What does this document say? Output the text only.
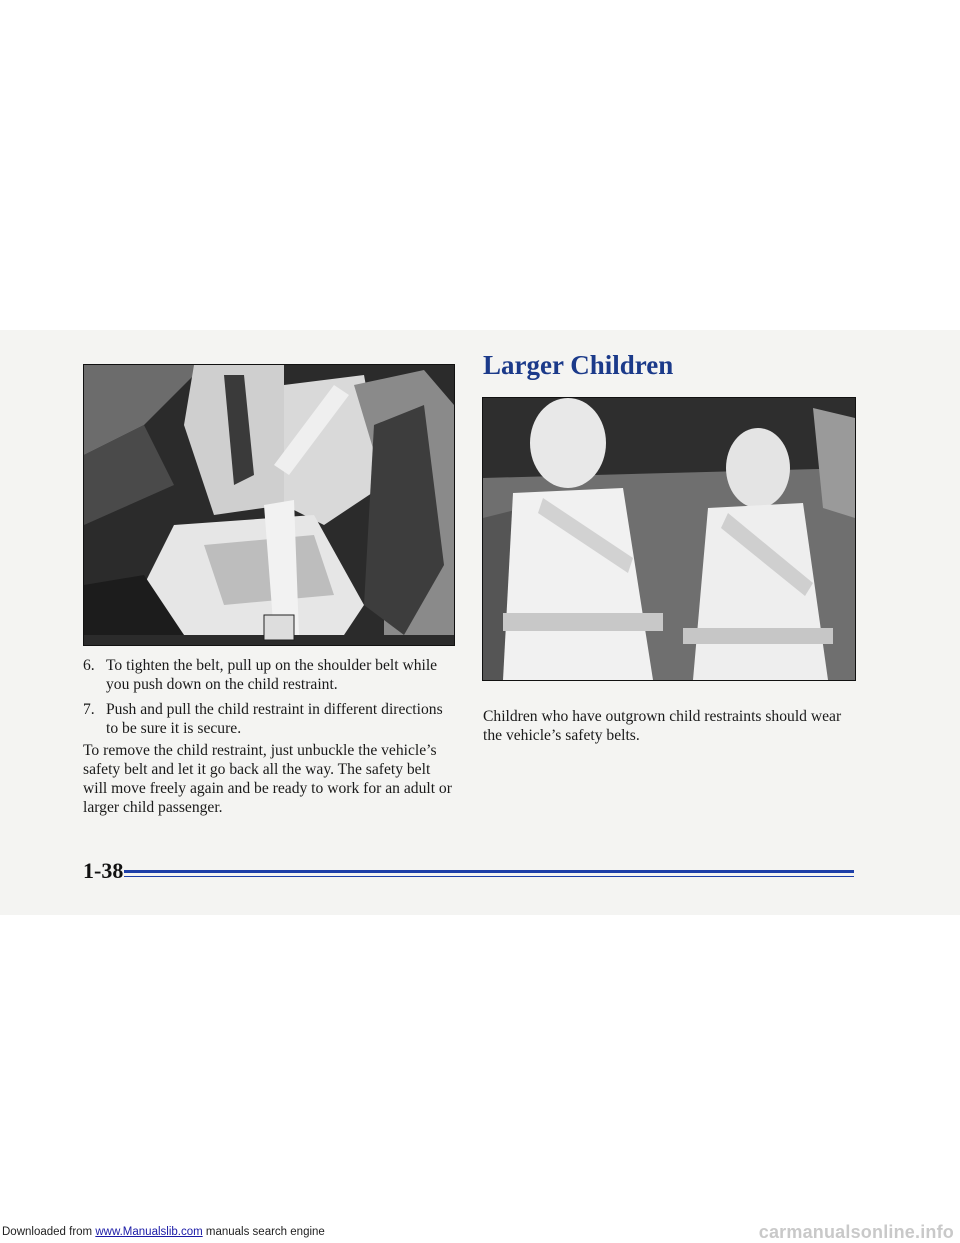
Larger Children
6. To tighten the belt, pull up on the shoulder belt while you push down on the child restraint.
7. Push and pull the child restraint in different directions to be sure it is secure.

To remove the child restraint, just unbuckle the vehicle’s safety belt and let it go back all the way. The safety belt will move freely again and be ready to work for an adult or larger child passenger.

Children who have outgrown child restraints should wear the vehicle’s safety belts.

1-38
Downloaded from www.Manualslib.com manuals search engine	carmanualsonline.info
